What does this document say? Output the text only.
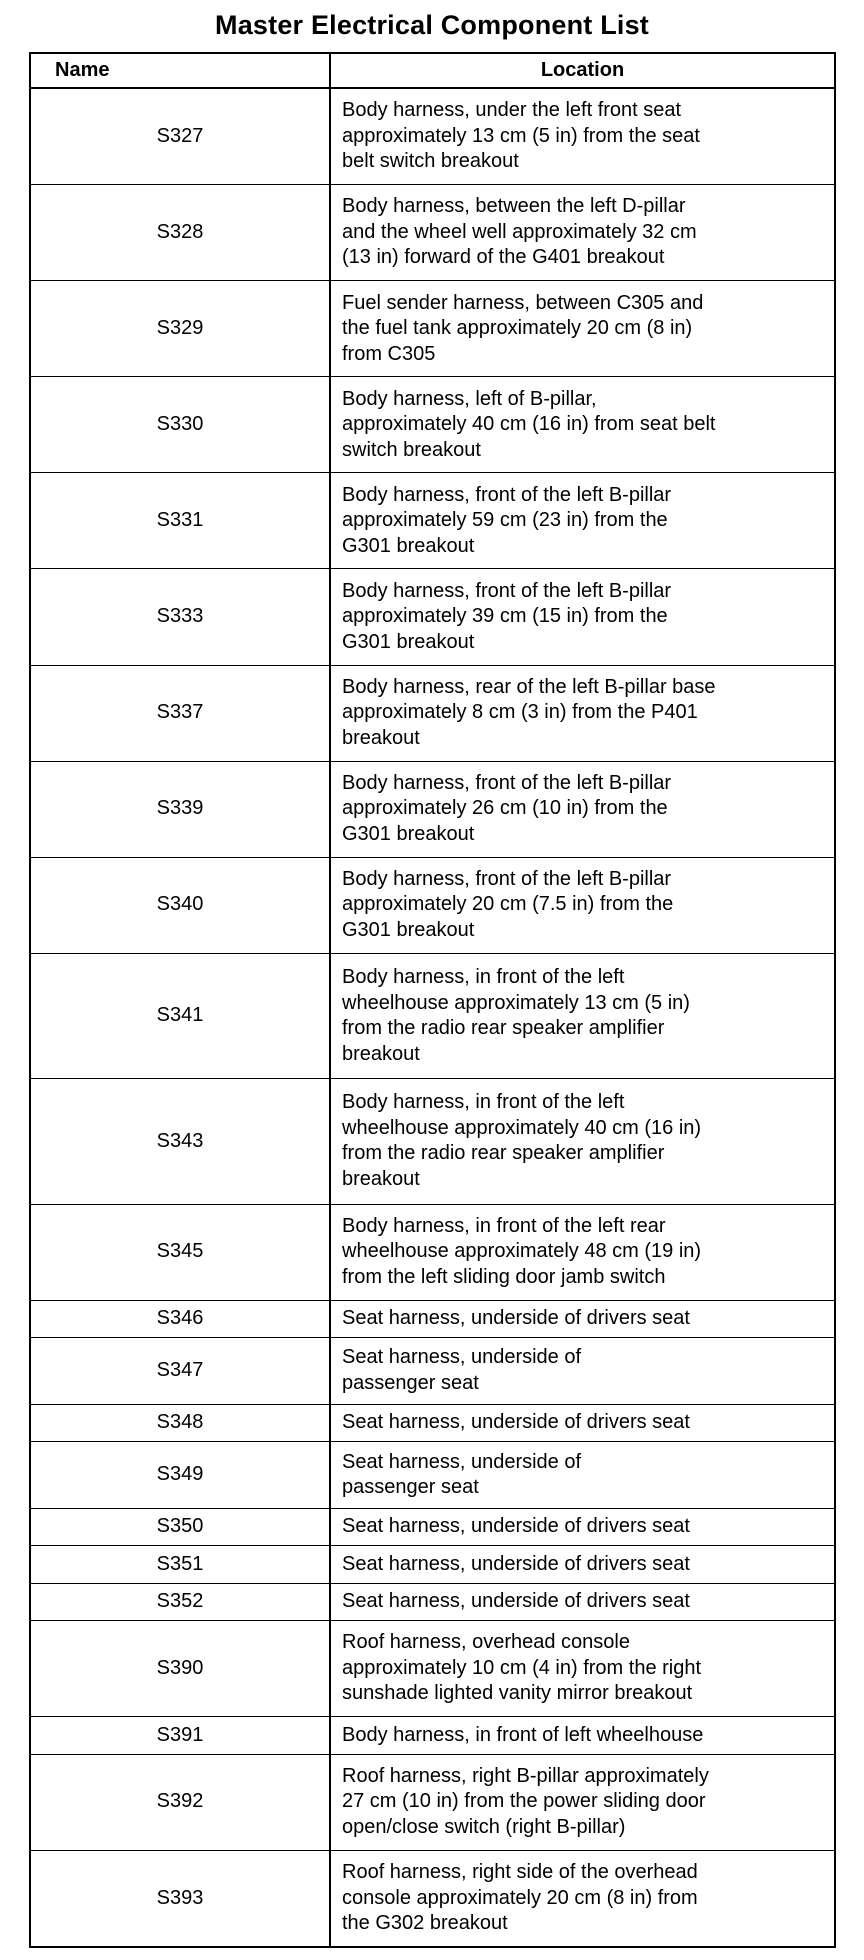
Master Electrical Component List
Name	Location
S327	Body harness, under the left front seat
approximately 13 cm (5 in) from the seat
belt switch breakout

S328	Body harness, between the left D-pillar
and the wheel well approximately 32 cm
(13 in) forward of the G401 breakout

S329	Fuel sender harness, between C305 and
the fuel tank approximately 20 cm (8 in)
from C305

S330	Body harness, left of B-pillar,
approximately 40 cm (16 in) from seat belt
switch breakout

S331	Body harness, front of the left B-pillar
approximately 59 cm (23 in) from the
G301 breakout

S333	Body harness, front of the left B-pillar
approximately 39 cm (15 in) from the
G301 breakout

S337	Body harness, rear of the left B-pillar base
approximately 8 cm (3 in) from the P401
breakout

S339	Body harness, front of the left B-pillar
approximately 26 cm (10 in) from the
G301 breakout

S340	Body harness, front of the left B-pillar
approximately 20 cm (7.5 in) from the
G301 breakout

S341	Body harness, in front of the left
wheelhouse approximately 13 cm (5 in)
from the radio rear speaker amplifier
breakout

S343	Body harness, in front of the left
wheelhouse approximately 40 cm (16 in)
from the radio rear speaker amplifier
breakout

S345	Body harness, in front of the left rear
wheelhouse approximately 48 cm (19 in)
from the left sliding door jamb switch

S346	Seat harness, underside of drivers seat

S347	Seat harness, underside of
passenger seat

S348	Seat harness, underside of drivers seat

S349	Seat harness, underside of
passenger seat

S350	Seat harness, underside of drivers seat

S351	Seat harness, underside of drivers seat

S352	Seat harness, underside of drivers seat

S390	Roof harness, overhead console
approximately 10 cm (4 in) from the right
sunshade lighted vanity mirror breakout

S391	Body harness, in front of left wheelhouse

S392	Roof harness, right B-pillar approximately
27 cm (10 in) from the power sliding door
open/close switch (right B-pillar)

S393	Roof harness, right side of the overhead
console approximately 20 cm (8 in) from
the G302 breakout
